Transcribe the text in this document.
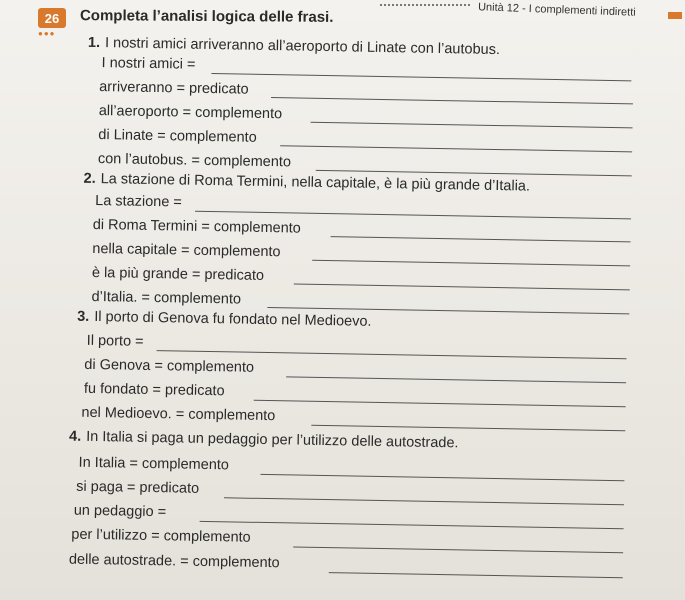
26
●●●
Completa l’analisi logica delle frasi.	Unità 12 - I complementi indiretti
1. I nostri amici arriveranno all’aeroporto di Linate con l’autobus.
I nostri amici =
arriveranno = predicato
all’aeroporto = complemento
di Linate = complemento
con l’autobus. = complemento
2. La stazione di Roma Termini, nella capitale, è la più grande d’Italia.
La stazione =
di Roma Termini = complemento
nella capitale = complemento
è la più grande = predicato
d’Italia. = complemento
3. Il porto di Genova fu fondato nel Medioevo.
Il porto =
di Genova = complemento
fu fondato = predicato
nel Medioevo. = complemento
4. In Italia si paga un pedaggio per l’utilizzo delle autostrade.
In Italia = complemento
si paga = predicato
un pedaggio =
per l’utilizzo = complemento
delle autostrade. = complemento
